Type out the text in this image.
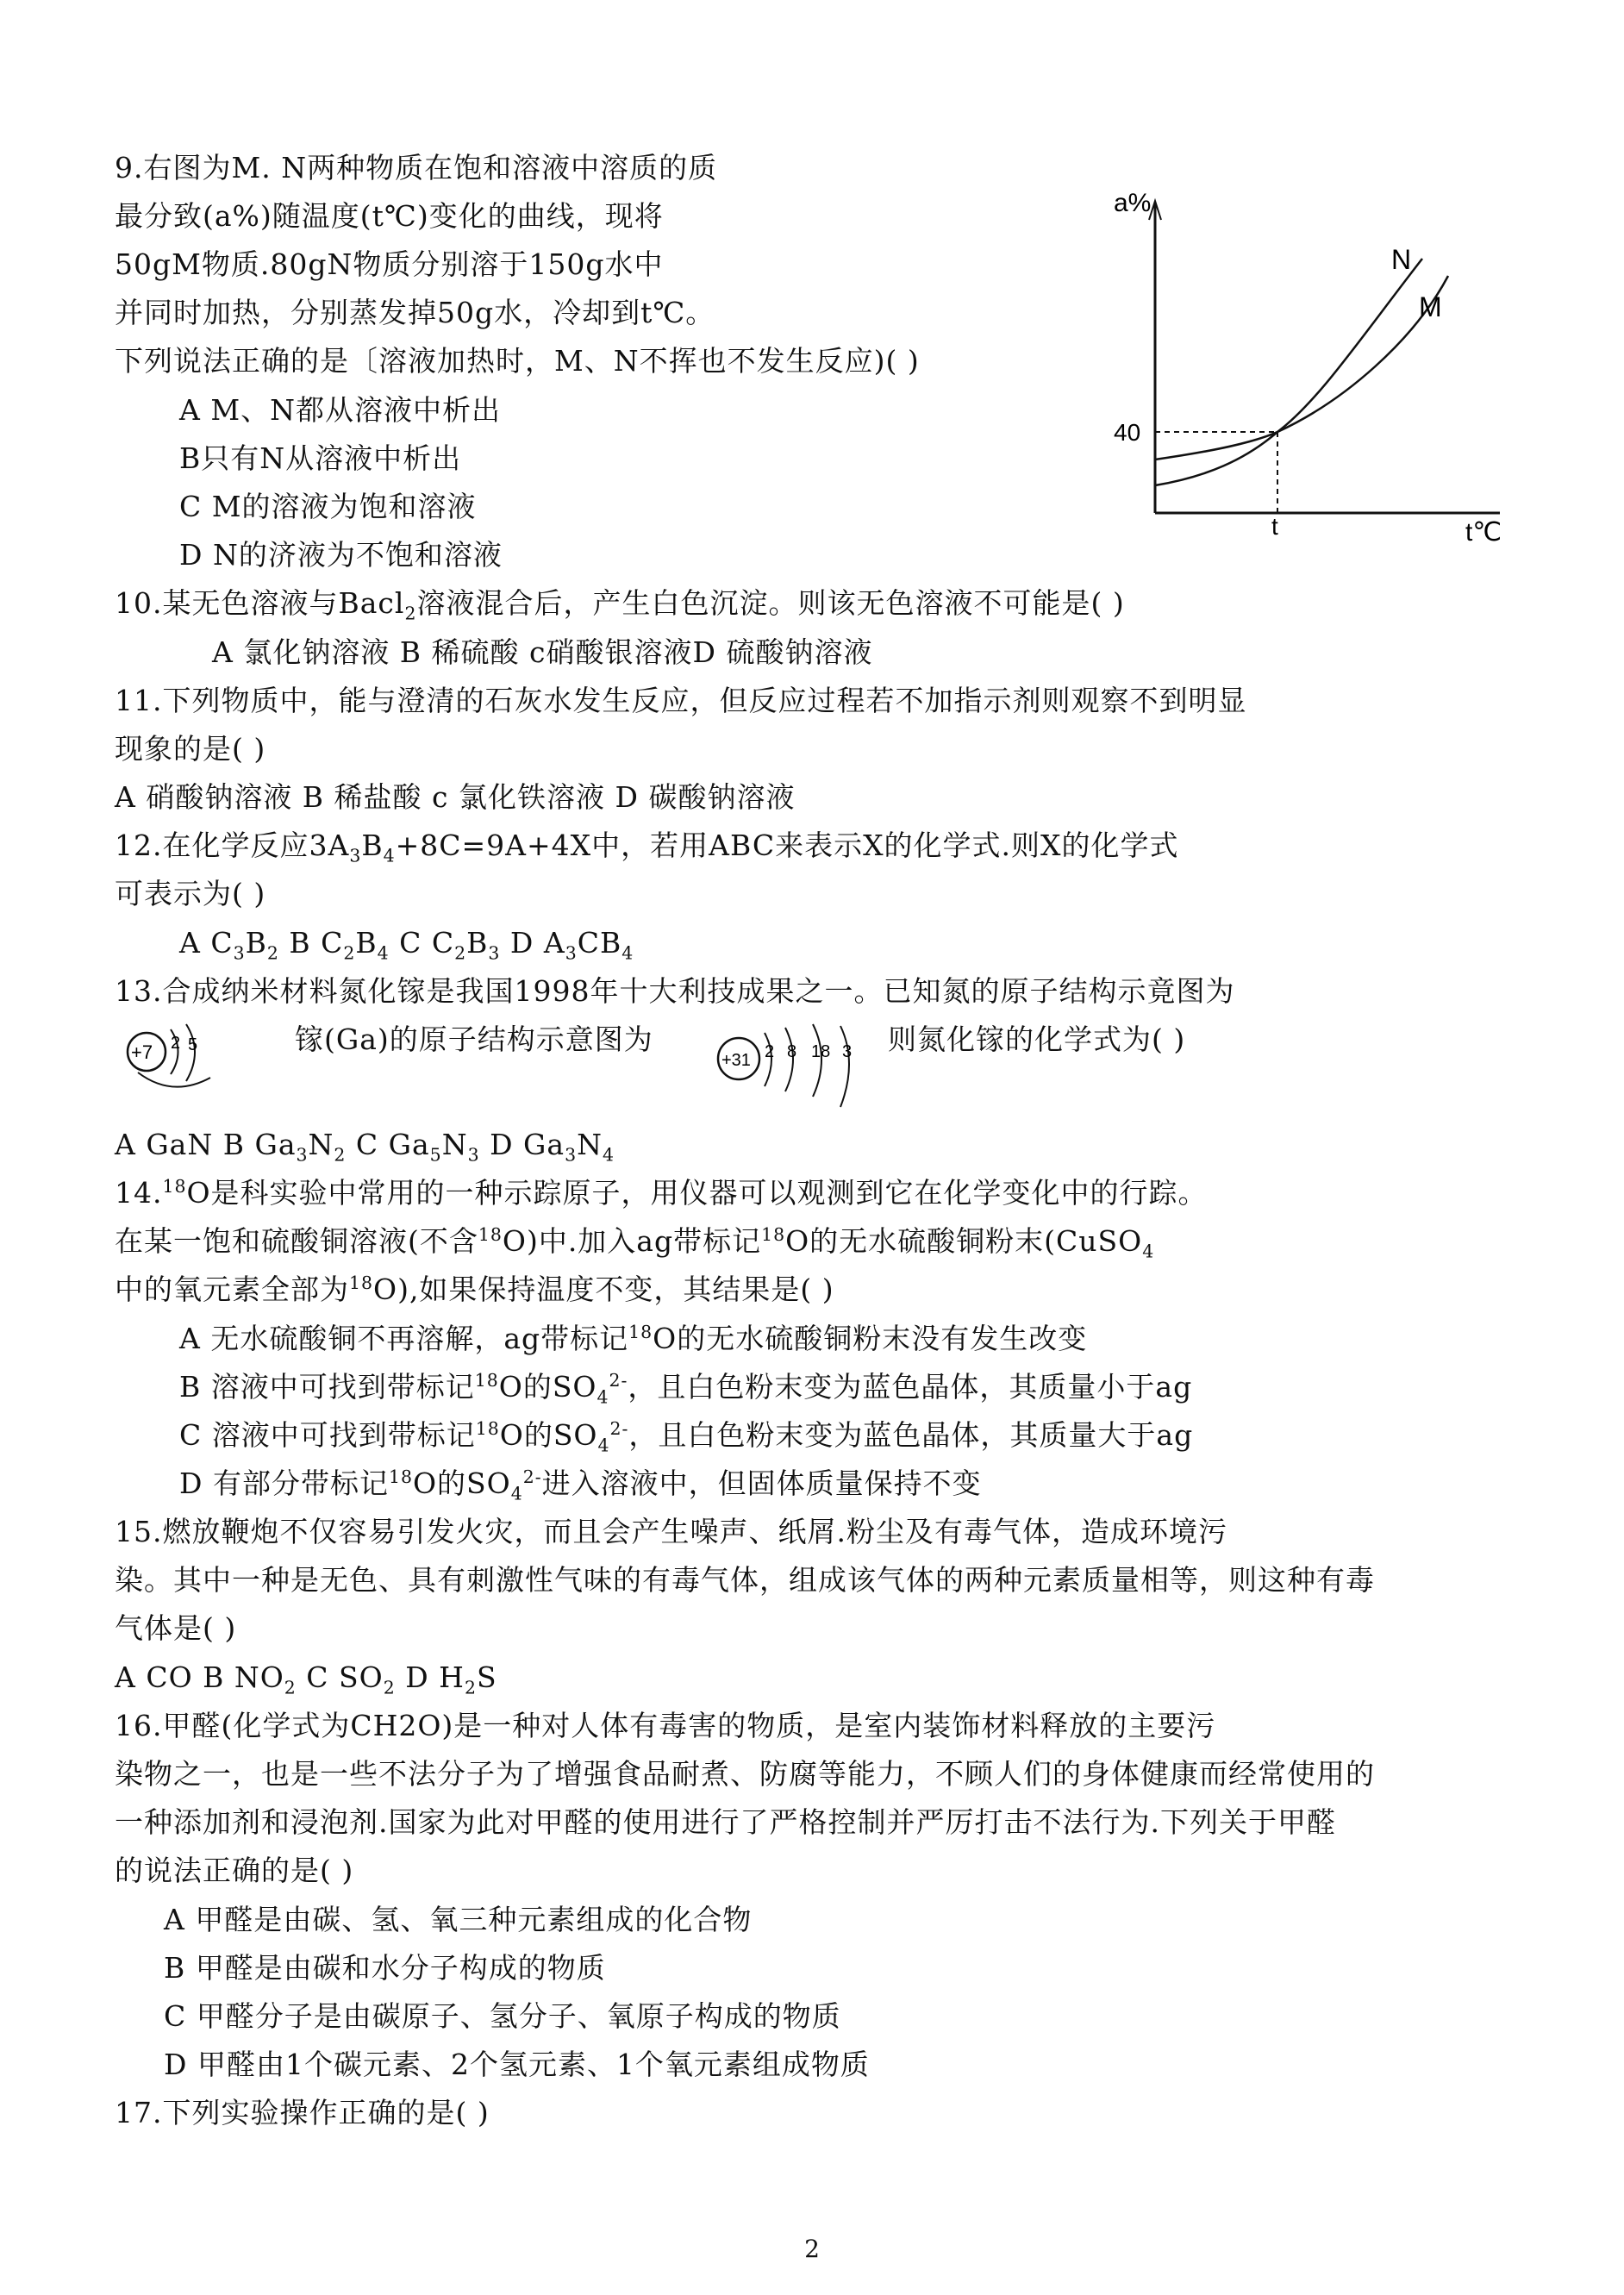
9.右图为M. N两种物质在饱和溶液中溶质的质
最分致(a%)随温度(t℃)变化的曲线，现将
50gM物质.80gN物质分别溶于150g水中
并同时加热，分别蒸发掉50g水，冷却到t℃。
下列说法正确的是〔溶液加热时，M、N不挥也不发生反应)( )
A M、N都从溶液中析出
B只有N从溶液中析出
C M的溶液为饱和溶液
D N的济液为不饱和溶液
a%
t℃
40
t
N
M
10.某无色溶液与Bacl$_2$溶液混合后，产生白色沉淀。则该无色溶液不可能是( )
A 氯化钠溶液 B 稀硫酸 c硝酸银溶液D 硫酸钠溶液
11.下列物质中，能与澄清的石灰水发生反应，但反应过程若不加指示剂则观察不到明显
现象的是( )
A 硝酸钠溶液 B 稀盐酸 c 氯化铁溶液 D 碳酸钠溶液
12.在化学反应$3A_3B_4+8C=9A+4X$中，若用ABC来表示X的化学式.则X的化学式
可表示为( )
A $C_3B_2$ B $C_2B_4$ C $C_2B_3$ D $A_3CB_4$
13.合成纳米材料氮化镓是我国1998年十大利技成果之一。已知氮的原子结构示竟图为
+7 2 5	镓(Ga)的原子结构示意图为
+31 2 8 18 3 则氮化镓的化学式为( )
A GaN B $Ga_3N_2$ C $Ga_5N_3$ D $Ga_3N_4$
14.18O是科实验中常用的一种示踪原子，用仪器可以观测到它在化学变化中的行踪。
在某一饱和硫酸铜溶液(不含$^{18}$O)中.加入ag带标记$^{18}$O的无水硫酸铜粉末(CuSO$_4$
中的氧元素全部为$^{18}$O),如果保持温度不变，其结果是( )
A 无水硫酸铜不再溶解，ag带标记$^{18}$O的无水硫酸铜粉末没有发生改变
B 溶液中可找到带标记$^{18}$O的$SO_4^{2-}$，且白色粉末变为蓝色晶体，其质量小于ag
C 溶液中可找到带标记$^{18}$O的$SO_4^{2-}$，且白色粉末变为蓝色晶体，其质量大于ag
D 有部分带标记$^{18}$O的$SO_4^{2-}$进入溶液中，但固体质量保持不变
15.燃放鞭炮不仅容易引发火灾，而且会产生噪声、纸屑.粉尘及有毒气体，造成环境污
染。其中一种是无色、具有刺激性气味的有毒气体，组成该气体的两种元素质量相等，则这种有毒
气体是( )
A CO B $NO_2$ C $SO_2$ D $H_2S$
16.甲醛(化学式为CH2O)是一种对人体有毒害的物质，是室内装饰材料释放的主要污
染物之一，也是一些不法分子为了增强食品耐煮、防腐等能力，不顾人们的身体健康而经常使用的
一种添加剂和浸泡剂.国家为此对甲醛的使用进行了严格控制并严厉打击不法行为.下列关于甲醛
的说法正确的是( )
A 甲醛是由碳、氢、氧三种元素组成的化合物
B 甲醛是由碳和水分子构成的物质
C 甲醛分子是由碳原子、氢分子、氧原子构成的物质
D 甲醛由1个碳元素、2个氢元素、1个氧元素组成物质
17.下列实验操作正确的是( )
2
